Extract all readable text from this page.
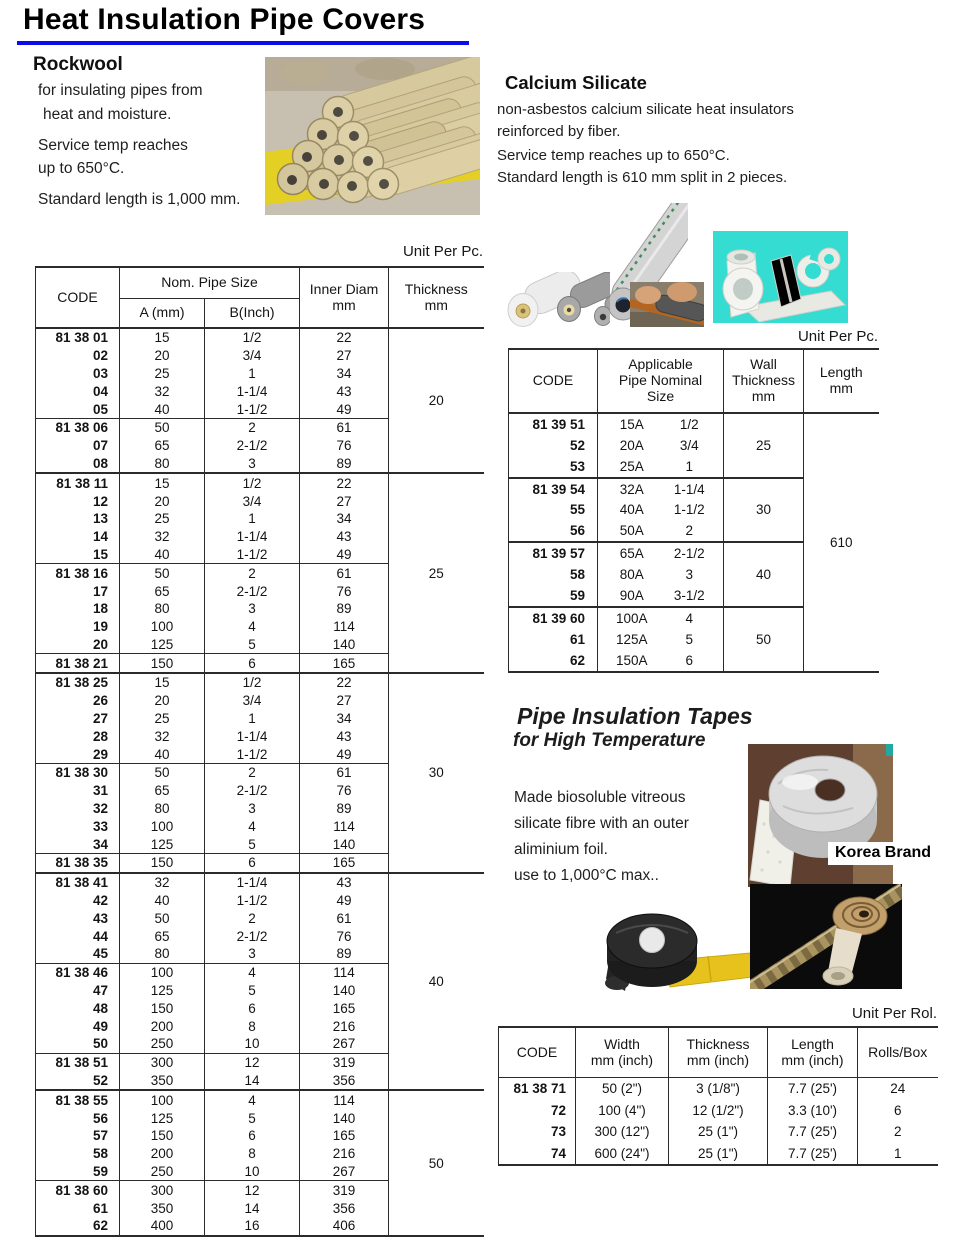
Heat Insulation Pipe Covers
Rockwool
for insulating pipes from
heat and moisture.
Service temp reaches
up to 650°C.
Standard length is 1,000 mm.
Unit Per Pc.
CODE	Nom. Pipe Size	Inner Diam
mm

Thickness
mm

	A (mm)	B(Inch)		
81 38 01	15	1/2	22	20
02	20	3/4	27	
03	25	1	34	
04	32	1-1/4	43	
05	40	1-1/2	49	
81 38 06	50	2	61	
07	65	2-1/2	76	
08	80	3	89	
81 38 11	15	1/2	22	25
12	20	3/4	27	
13	25	1	34	
14	32	1-1/4	43	
15	40	1-1/2	49	
81 38 16	50	2	61	
17	65	2-1/2	76	
18	80	3	89	
19	100	4	114	
20	125	5	140	
81 38 21	150	6	165	
81 38 25	15	1/2	22	30
26	20	3/4	27	
27	25	1	34	
28	32	1-1/4	43	
29	40	1-1/2	49	
81 38 30	50	2	61	
31	65	2-1/2	76	
32	80	3	89	
33	100	4	114	
34	125	5	140	
81 38 35	150	6	165	
81 38 41	32	1-1/4	43	40
42	40	1-1/2	49	
43	50	2	61	
44	65	2-1/2	76	
45	80	3	89	
81 38 46	100	4	114	
47	125	5	140	
48	150	6	165	
49	200	8	216	
50	250	10	267	
81 38 51	300	12	319	
52	350	14	356	
81 38 55	100	4	114	50
56	125	5	140	
57	150	6	165	
58	200	8	216	
59	250	10	267	
81 38 60	300	12	319	
61	350	14	356	
62	400	16	406	
Calcium Silicate
non-asbestos calcium silicate heat insulators
reinforced by fiber.
Service temp reaches up to 650°C.
Standard length is 610 mm split in 2 pieces.
Unit Per Pc.
CODE	
Applicable
Pipe Nominal
Size

Wall
Thickness
mm

Length
mm

81 39 51	15A 1/2	25	610
52	20A 3/4		
53	25A 1		
81 39 54	32A 1-1/4	30	
55	40A 1-1/2		
56	50A 2		
81 39 57	65A 2-1/2	40	
58	80A 3		
59	90A 3-1/2		
81 39 60	100A 4	50	
61	125A 5		
62	150A 6		
Pipe Insulation Tapes
for High Temperature
Made biosoluble vitreous
silicate fibre with an outer
aliminium foil.
use to 1,000°C max..
Korea Brand
Unit Per Rol.
CODE	Width
mm (inch)

Thickness
mm (inch)

Length
mm (inch)	Rolls/Box
81 38 71	50 (2")	3 (1/8")	7.7 (25')	24
72	100 (4")	12 (1/2")	3.3 (10')	6
73	300 (12")	25 (1")	7.7 (25')	2
74	600 (24")	25 (1")	7.7 (25')	1
